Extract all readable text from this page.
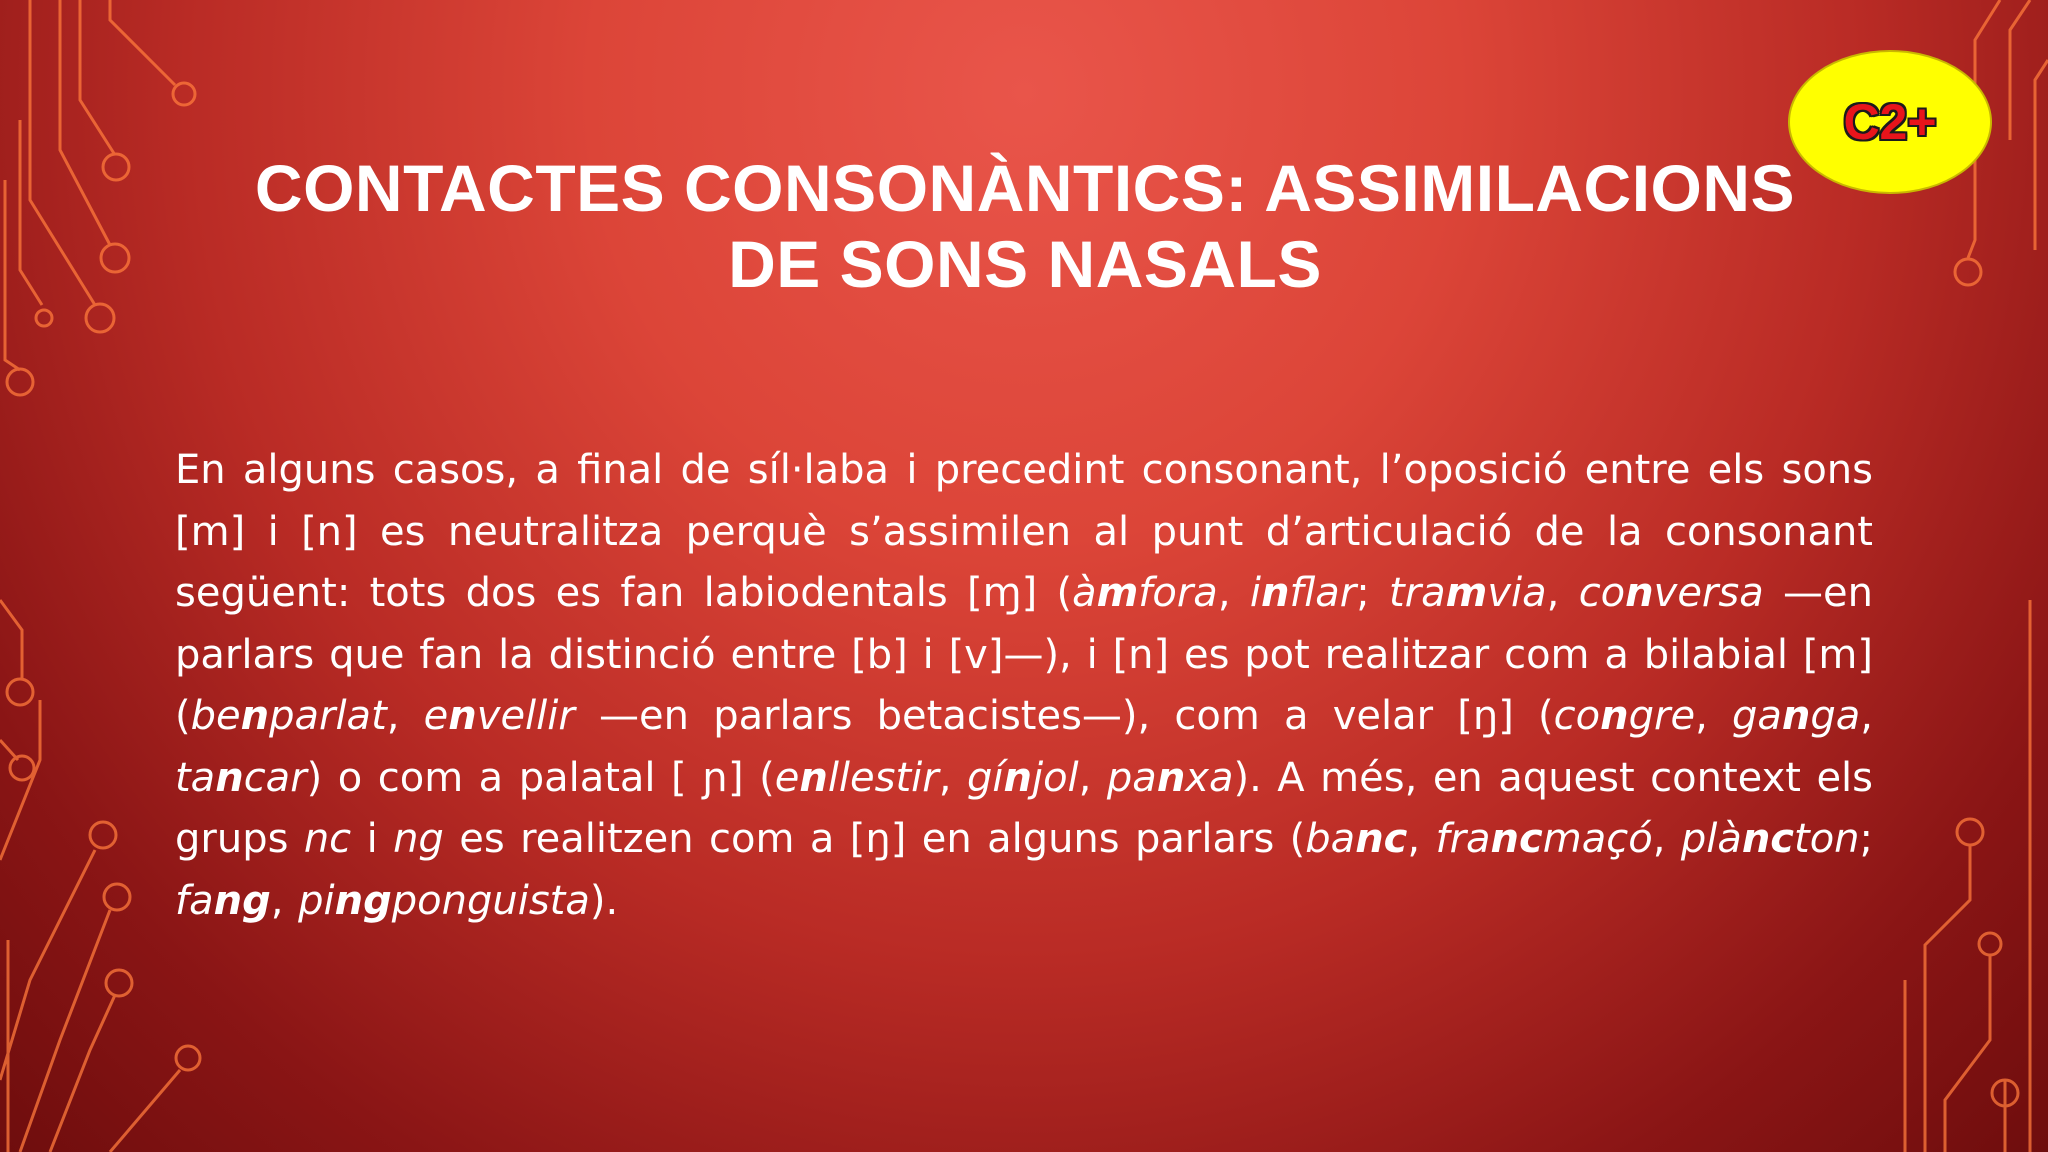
CONTACTES CONSONÀNTICS: ASSIMILACIONS
DE SONS NASALS
C2+

En alguns casos, a final de síl·laba i precedint consonant, l’oposició entre els sons [m] i [n] es neutralitza perquè s’assimilen al punt d’articulació de la consonant següent: tots dos es fan labiodentals [ɱ] (àmfora, inflar; tramvia, conversa —en parlars que fan la distinció entre [b] i [v]—), i [n] es pot realitzar com a bilabial [m] (benparlat, envellir —en parlars betacistes—), com a velar [ŋ] (congre, ganga, tancar) o com a palatal [ ɲ] (enllestir, gínjol, panxa). A més, en aquest context els grups nc i ng es realitzen com a [ŋ] en alguns parlars (banc, francmaçó, plàncton; fang, pingponguista).
